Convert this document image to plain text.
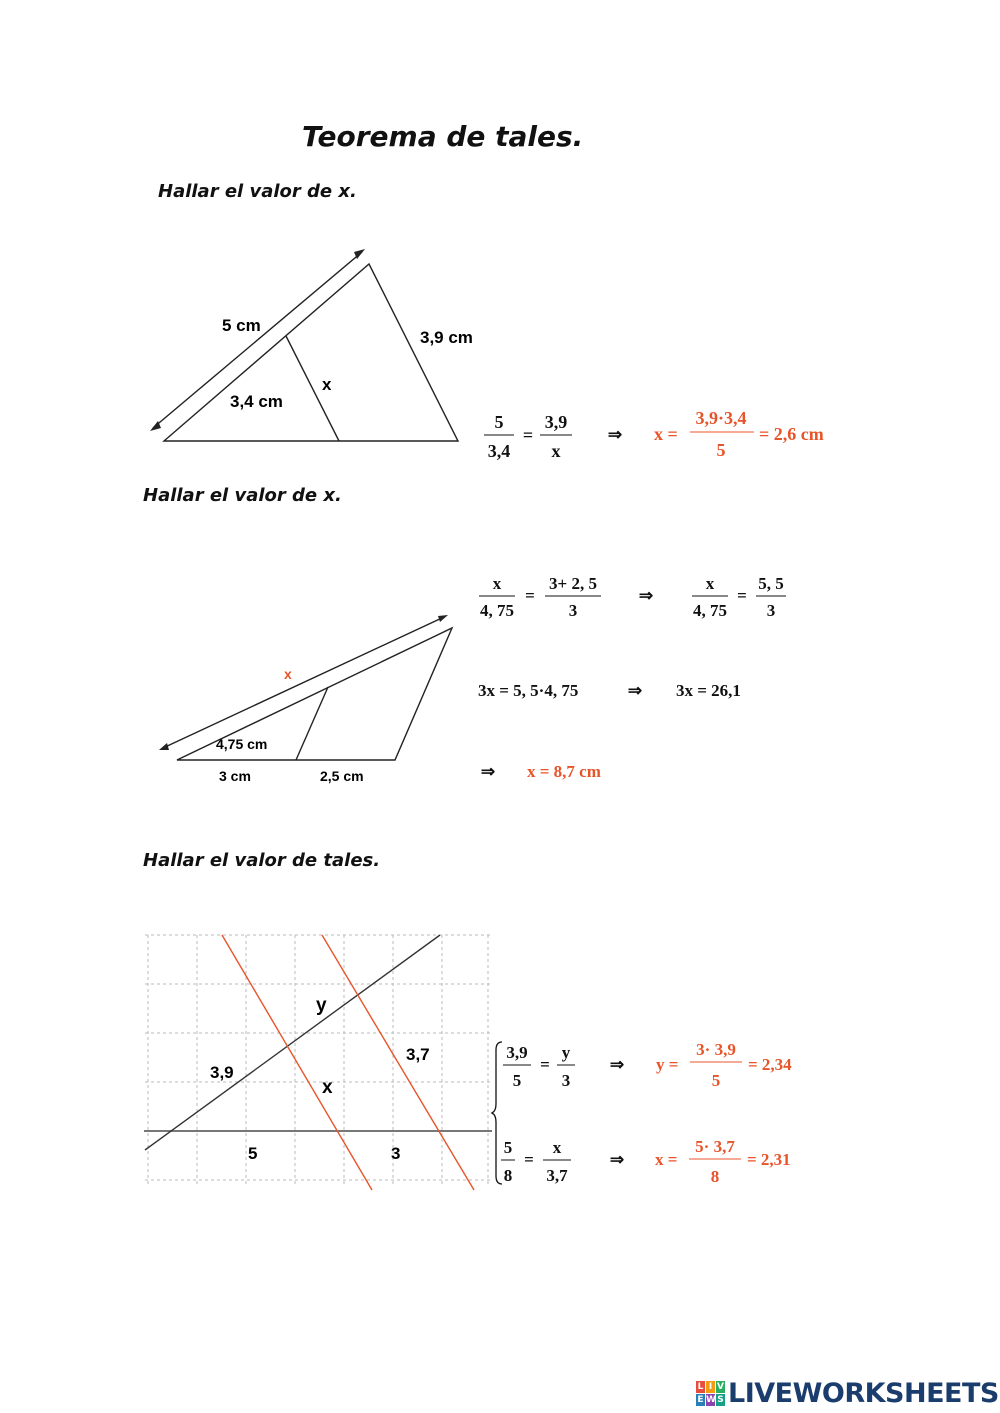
Teorema de tales.
Hallar el valor de x.
Hallar el valor de x.
Hallar el valor de tales.
5 cm
3,4 cm
3,9 cm
x
5
3,4
=
3,9
x
⇒ x =
3,9·3,4
5
= 2,6 cm
x
4,75 cm
3 cm	2,5 cm
x
4, 75
=
3+ 2, 5
3
⇒
x
4, 75
=
5, 5
3
3x = 5, 5·4, 75	⇒ 3x = 26,1
⇒ x = 8,7 cm
y
3,9
3,7
x
5	3
3,9
5
=
y
3
⇒
5
8
=
x
3,7
⇒
y =
3· 3,9
5
= 2,34
x =
5· 3,7
8
= 2,31
L I V
E W S LIVEWORKSHEETS
